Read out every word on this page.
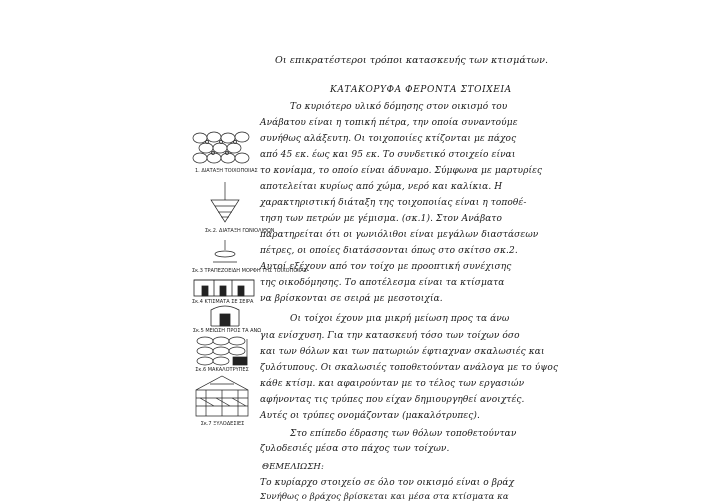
Οι επικρατέστεροι τρόποι κατασκευής των κτισμάτων.
ΚΑΤΑΚΟΡΥΦΑ ΦΕΡΟΝΤΑ ΣΤΟΙΧΕΙΑ
Το κυριότερο υλικό δόμησης στον οικισμό του
Ανάβατου είναι η τοπική πέτρα, την οποία συναντούμε
συνήθως αλάξευτη. Οι τοιχοποιίες κτίζονται με πάχος
από 45 εκ. έως και 95 εκ. Το συνδετικό στοιχείο είναι
το κονίαμα, το οποίο είναι άδυναμο. Σύμφωνα με μαρτυρίες
αποτελείται κυρίως από χώμα, νερό και καλίκια. Η
χαρακτηριστική διάταξη της τοιχοποιίας είναι η τοποθέ-
τηση των πετρών με γέμισμα. (σκ.1). Στον Ανάβατο
παρατηρείται ότι οι γωνιόλιθοι είναι μεγάλων διαστάσεων
πέτρες, οι οποίες διατάσσονται όπως στο σκίτσο σκ.2.
Αυτοί εξέχουν από τον τοίχο με προοπτική συνέχισης
της οικοδόμησης. Το αποτέλεσμα είναι τα κτίσματα
να βρίσκονται σε σειρά με μεσοτοιχία.
Οι τοίχοι έχουν μια μικρή μείωση προς τα άνω
για ενίσχυση. Για την κατασκευή τόσο των τοίχων όσο
και των θόλων και των πατωριών έφτιαχναν σκαλωσιές και
ζυλότυπους. Οι σκαλωσιές τοποθετούνταν ανάλογα με το ύψος
κάθε κτίσμ. και αφαιρούνταν με το τέλος των εργασιών
αφήνοντας τις τρύπες που είχαν δημιουργηθεί ανοιχτές.
Αυτές οι τρύπες ονομάζονταν (μακαλότρυπες).
Στο επίπεδο έδρασης των θόλων τοποθετούνταν
ζυλοδεσιές μέσα στο πάχος των τοίχων.
ΘΕΜΕΛΙΩΣΗ:
Το κυρίαρχο στοιχείο σε όλο τον οικισμό είναι ο βράχ
Συνήθως ο βράχος βρίσκεται και μέσα στα κτίσματα κα
1. ΔΙΑΤΑΞΗ ΤΟΙΧΟΠΟΙΙΑΣ
Σκ.2. ΔΙΑΤΑΞΗ ΓΩΝΙΟΛΙΘΩΝ
Σκ.3 ΤΡΑΠΕΖΟΕΙΔΗ ΜΟΡΦΗ ΤΗΣ ΤΟΙΧΟΠΟΙΙΑΣ
Σκ.4 ΚΤΙΣΜΑΤΑ ΣΕ ΣΕΙΡΑ
Σκ.5 ΜΕΙΩΣΗ ΠΡΟΣ ΤΑ ΑΝΩ
Σκ.6 ΜΑΚΑΛΟΤΡΥΠΕΣ
Σκ.7 ΞΥΛΟΔΕΣΙΕΣ
